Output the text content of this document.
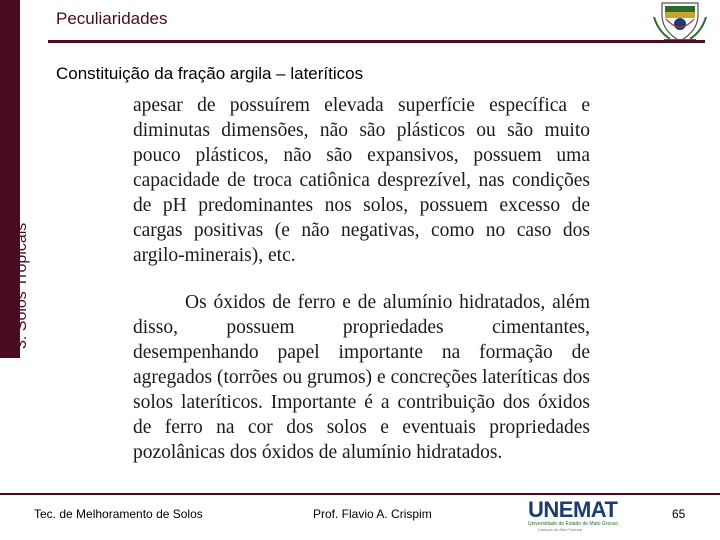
3. Solos Tropicais
Peculiaridades
Constituição da fração argila – lateríticos

apesar de possuírem elevada superfície específica e diminutas dimensões, não são plásticos ou são muito pouco plásticos, não são expansivos, possuem uma capacidade de troca catiônica desprezível, nas condições de pH predominantes nos solos, possuem excesso de cargas positivas (e não negativas, como no caso dos argilo-minerais), etc.

Os óxidos de ferro e de alumínio hidratados, além disso, possuem propriedades cimentantes, desempenhando papel importante na formação de agregados (torrões ou grumos) e concreções lateríticas dos solos lateríticos. Importante é a contribuição dos óxidos de ferro na cor dos solos e eventuais propriedades pozolânicas dos óxidos de alumínio hidratados.

Tec. de Melhoramento de Solos	Prof. Flavio A. Crispim	UNEMAT
Universidade do Estado de Mato Grosso
Campus de Alta Floresta
65
